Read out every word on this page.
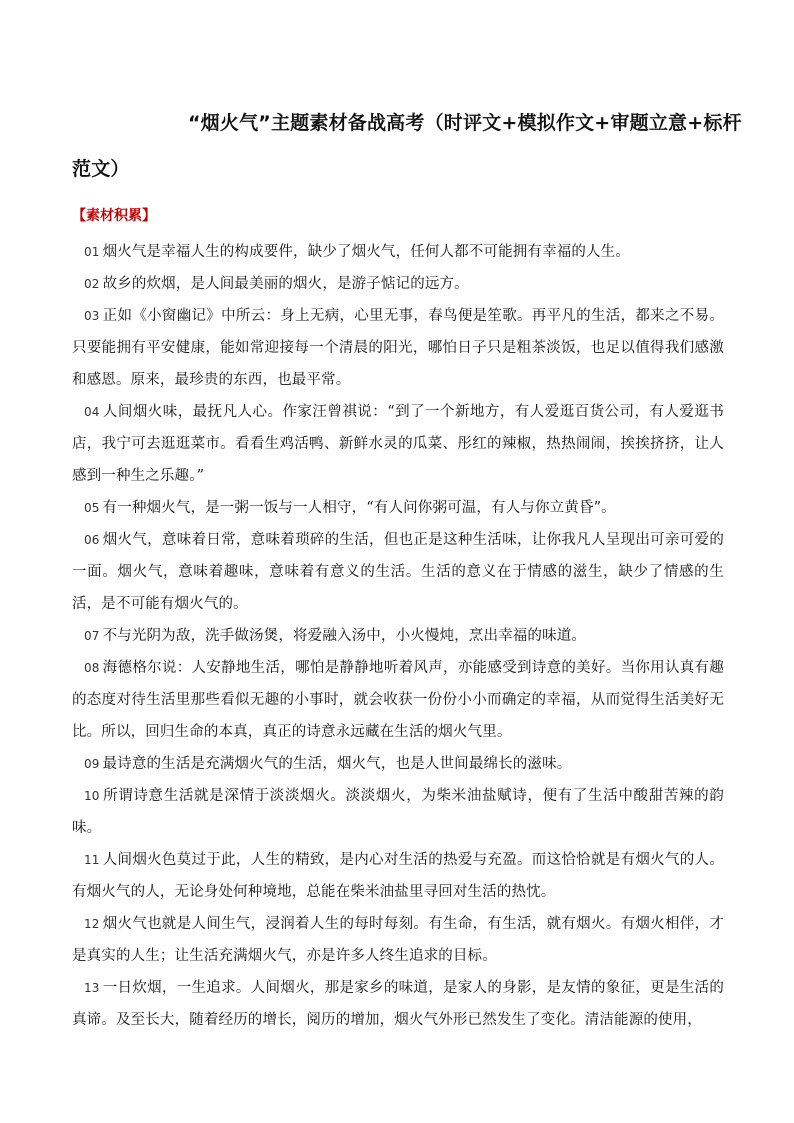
“烟火气”主题素材备战高考（时评文+模拟作文+审题立意+标杆范文）
【素材积累】

01 烟火气是幸福人生的构成要件，缺少了烟火气，任何人都不可能拥有幸福的人生。

02 故乡的炊烟，是人间最美丽的烟火，是游子惦记的远方。

03 正如《小窗幽记》中所云：身上无病，心里无事，春鸟便是笙歌。再平凡的生活，都来之不易。只要能拥有平安健康，能如常迎接每一个清晨的阳光，哪怕日子只是粗茶淡饭，也足以值得我们感激和感恩。原来，最珍贵的东西，也最平常。

04 人间烟火味，最抚凡人心。作家汪曾祺说：“到了一个新地方，有人爱逛百货公司，有人爱逛书店，我宁可去逛逛菜市。看看生鸡活鸭、新鲜水灵的瓜菜、彤红的辣椒，热热闹闹，挨挨挤挤，让人感到一种生之乐趣。”

05 有一种烟火气，是一粥一饭与一人相守，“有人问你粥可温，有人与你立黄昏”。

06 烟火气，意味着日常，意味着琐碎的生活，但也正是这种生活味，让你我凡人呈现出可亲可爱的一面。烟火气，意味着趣味，意味着有意义的生活。生活的意义在于情感的滋生，缺少了情感的生活，是不可能有烟火气的。

07 不与光阴为敌，洗手做汤煲，将爱融入汤中，小火慢炖，烹出幸福的味道。

08 海德格尔说：人安静地生活，哪怕是静静地听着风声，亦能感受到诗意的美好。当你用认真有趣的态度对待生活里那些看似无趣的小事时，就会收获一份份小小而确定的幸福，从而觉得生活美好无比。所以，回归生命的本真，真正的诗意永远藏在生活的烟火气里。

09 最诗意的生活是充满烟火气的生活，烟火气，也是人世间最绵长的滋味。

10 所谓诗意生活就是深情于淡淡烟火。淡淡烟火，为柴米油盐赋诗，便有了生活中酸甜苦辣的韵味。

11 人间烟火色莫过于此，人生的精致，是内心对生活的热爱与充盈。而这恰恰就是有烟火气的人。有烟火气的人，无论身处何种境地，总能在柴米油盐里寻回对生活的热忱。

12 烟火气也就是人间生气，浸润着人生的每时每刻。有生命，有生活，就有烟火。有烟火相伴，才是真实的人生；让生活充满烟火气，亦是许多人终生追求的目标。

13 一日炊烟，一生追求。人间烟火，那是家乡的味道，是家人的身影，是友情的象征，更是生活的真谛。及至长大，随着经历的增长，阅历的增加，烟火气外形已然发生了变化。清洁能源的使用，
